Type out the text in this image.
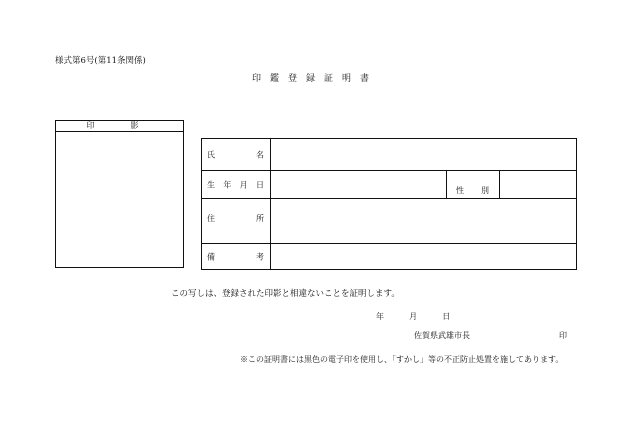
様式第6号(第11条関係)
印鑑登録証明書
印　影
氏	名
生 年 月 日
性 別
住	所
備	考
この写しは、登録された印影と相違ないことを証明します。
年	月	日
佐賀県武雄市長	印
※この証明書には黒色の電子印を使用し、「すかし」等の不正防止処置を施してあります。
